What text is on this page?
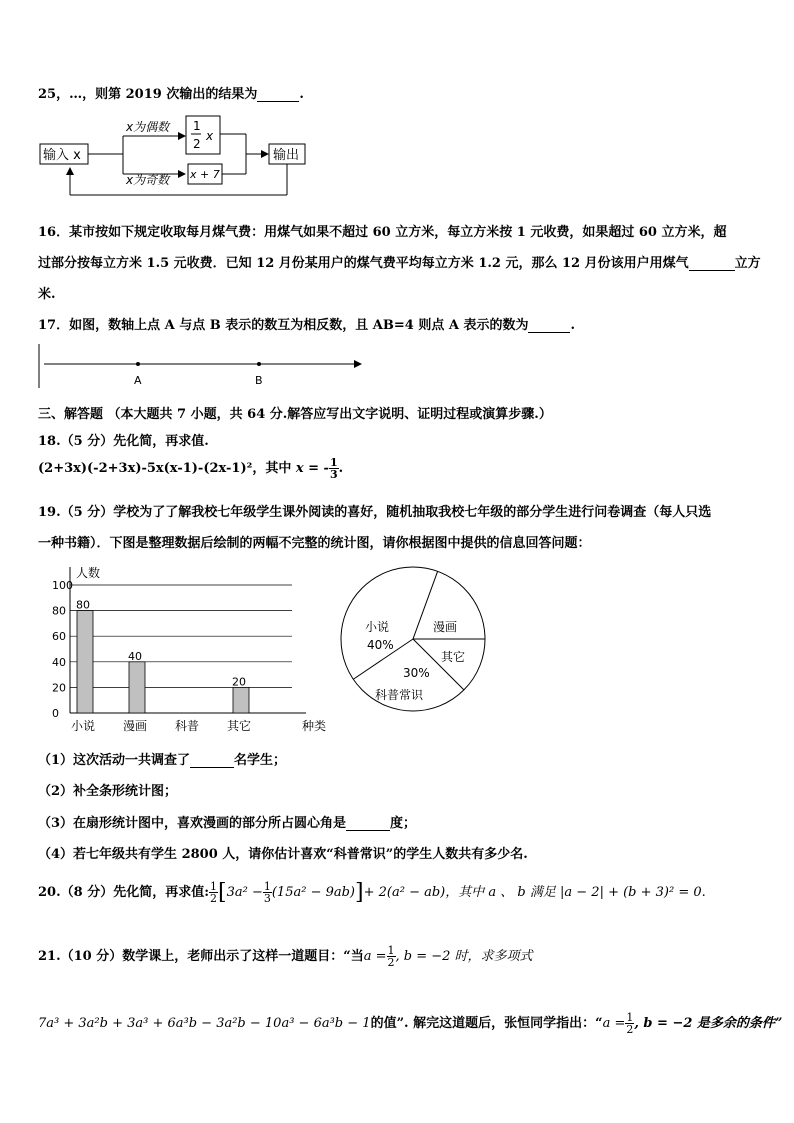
25，…，则第 2019 次输出的结果为	.
输入 x
x为偶数
x为奇数
1
2
x
x + 7
输出
16．某市按如下规定收取每月煤气费：用煤气如果不超过 60 立方米，每立方米按 1 元收费，如果超过 60 立方米，超
过部分按每立方米 1.5 元收费．已知 12 月份某用户的煤气费平均每立方米 1.2 元，那么 12 月份该用户用煤气	立方
米.
17．如图，数轴上点 A 与点 B 表示的数互为相反数，且 AB=4 则点 A 表示的数为	.
A	B
三、解答题 （本大题共 7 小题，共 64 分.解答应写出文字说明、证明过程或演算步骤.）
18.（5 分）先化简，再求值.
(2+3x)(-2+3x)-5x(x-1)-(2x-1)²，其中 x = - $\frac{1}{3}$ .
19.（5 分）学校为了了解我校七年级学生课外阅读的喜好，随机抽取我校七年级的部分学生进行问卷调查（每人只选
一种书籍）．下图是整理数据后绘制的两幅不完整的统计图，请你根据图中提供的信息回答问题：
0
20
40
60
80
100
人数
种类
80
小说
40
漫画 科普
20
其它
小说
40%
漫画
其它
科普常识
30%
（1）这次活动一共调查了	名学生；
（2）补全条形统计图；
（3）在扇形统计图中，喜欢漫画的部分所占圆心角是	度；
（4）若七年级共有学生 2800 人，请你估计喜欢“科普常识”的学生人数共有多少名.
20.（8 分）先化简，再求值: $\frac{1}{2} [3a^2 - \frac{1}{3} (15a^2 - 9ab)]+ 2(a^2 - ab)$，其中 a 、 b 满足 |a − 2| + (b + 3)² = 0.
21.（10 分）数学课上，老师出示了这样一道题目：“当$a = \frac{1}{2}$ , b = −2 时，求多项式
7a³ + 3a²b + 3a³ + 6a³b − 3a²b − 10a³ − 6a³b − 1的值”. 解完这道题后，张恒同学指出：“$a = \frac{1}{2}$ , b = −2 是多余的条件”
